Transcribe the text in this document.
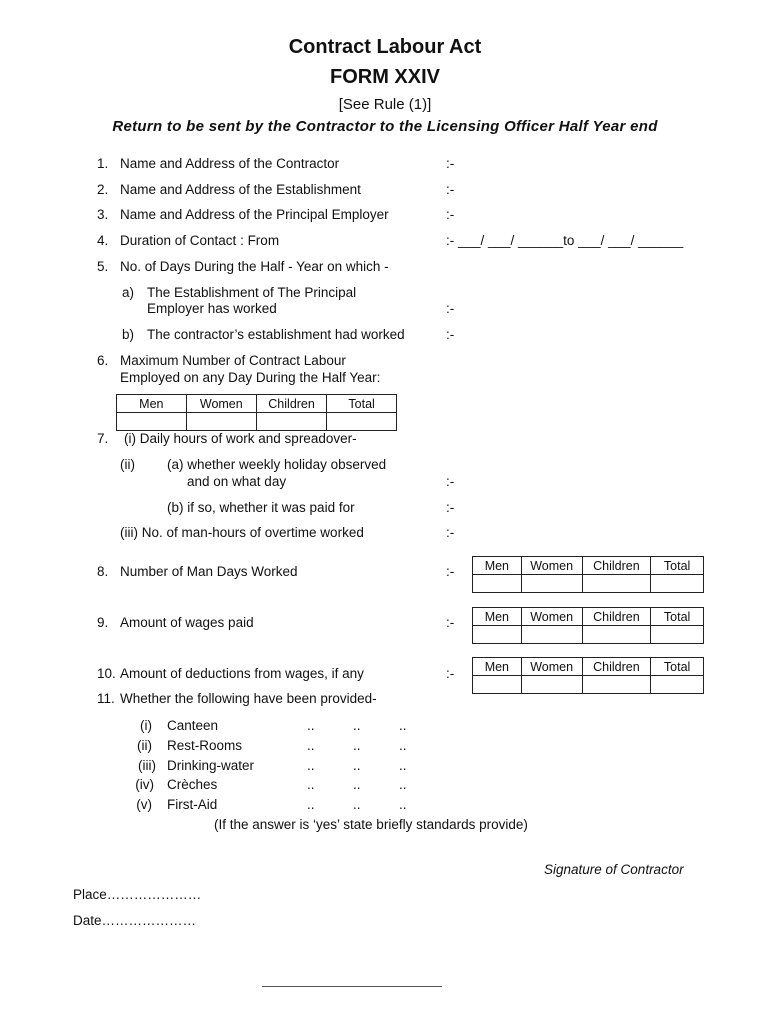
Contract Labour Act
FORM XXIV
[See Rule (1)]
Return to be sent by the Contractor to the Licensing Officer Half Year end
1. Name and Address of the Contractor	:-
2. Name and Address of the Establishment	:-
3. Name and Address of the Principal Employer	:-
4. Duration of Contact : From	:- ___/ ___/ ______to ___/ ___/ ______
5. No. of Days During the Half - Year on which -
a) The Establishment of The Principal
Employer has worked	:-
b) The contractor’s establishment had worked	:-
6. Maximum Number of Contract Labour
Employed on any Day During the Half Year:
Men	Women	Children	Total

7. (i) Daily hours of work and spreadover-
(ii) (a) whether weekly holiday observed
and on what day	:-
(b) if so, whether it was paid for	:-
(iii) No. of man-hours of overtime worked	:-
8. Number of Man Days Worked	:- Men	Women	Children	Total

9. Amount of wages paid	:- Men	Women	Children	Total

10. Amount of deductions from wages, if any	:- Men	Women	Children	Total

11. Whether the following have been provided-
(i) Canteen	..	..	..
(ii) Rest-Rooms	..	..	..
(iii) Drinking-water	..	..	..
(iv) Crèches	..	..	..
(v) First-Aid	..	..	..
(If the answer is ‘yes’ state briefly standards provide)
Signature of Contractor
Place…………………
Date…………………
